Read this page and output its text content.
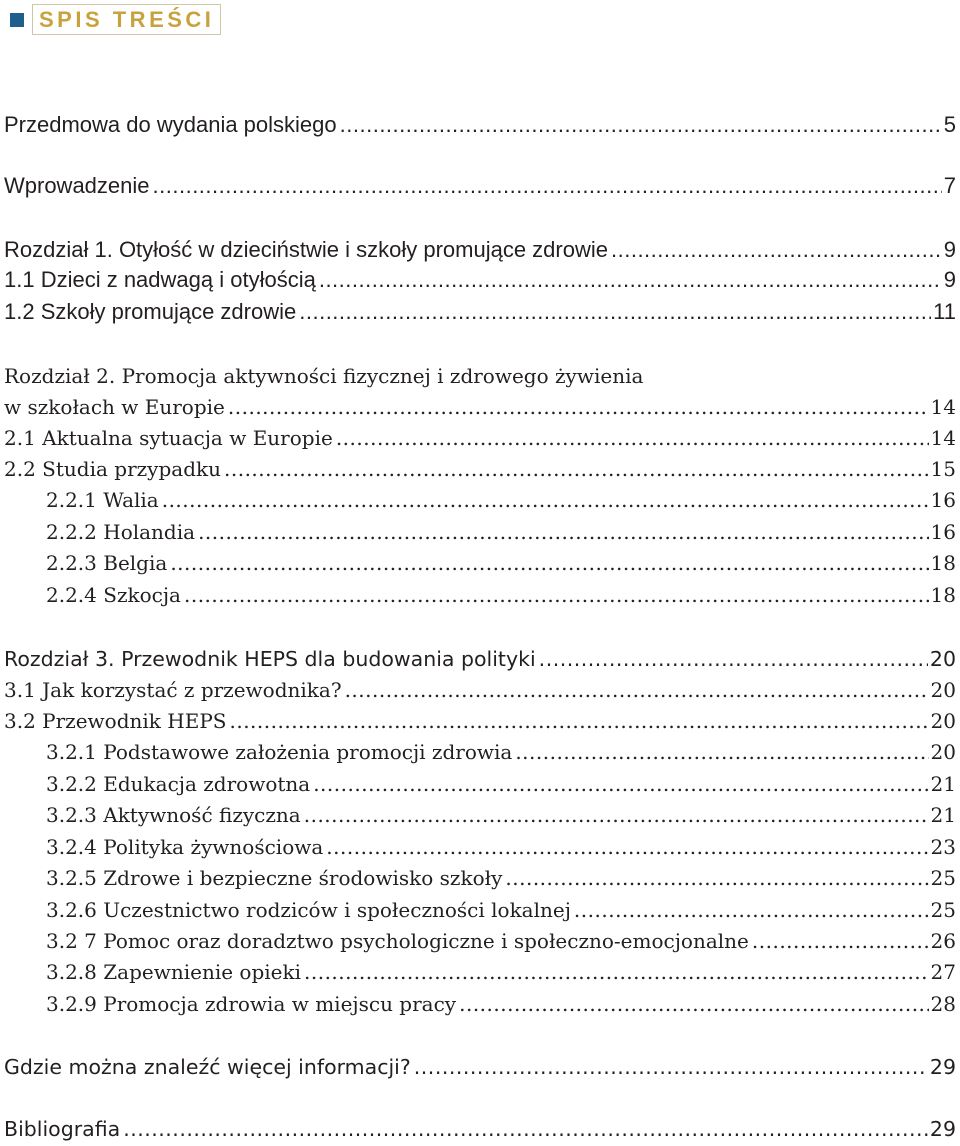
SPIS TREŚCI
Przedmowa do wydania polskiego .....	5
Wprowadzenie .....	7
Rozdział 1. Otyłość w dzieciństwie i szkoły promujące zdrowie .....	9
1.1 Dzieci z nadwagą i otyłością .....	9
1.2 Szkoły promujące zdrowie .....	11
Rozdział 2. Promocja aktywności fizycznej i zdrowego żywienia
w szkołach w Europie .....	14
2.1 Aktualna sytuacja w Europie .....	14
2.2 Studia przypadku .....	15
2.2.1 Walia .....	16
2.2.2 Holandia .....	16
2.2.3 Belgia .....	18
2.2.4 Szkocja .....	18
Rozdział 3. Przewodnik HEPS dla budowania polityki .....	20
3.1 Jak korzystać z przewodnika? .....	20
3.2 Przewodnik HEPS .....	20
3.2.1 Podstawowe założenia promocji zdrowia .....	20
3.2.2 Edukacja zdrowotna .....	21
3.2.3 Aktywność fizyczna .....	21
3.2.4 Polityka żywnościowa .....	23
3.2.5 Zdrowe i bezpieczne środowisko szkoły .....	25
3.2.6 Uczestnictwo rodziców i społeczności lokalnej .....	25
3.2 7 Pomoc oraz doradztwo psychologiczne i społeczno-emocjonalne .....	26
3.2.8 Zapewnienie opieki .....	27
3.2.9 Promocja zdrowia w miejscu pracy .....	28
Gdzie można znaleźć więcej informacji? .....	29
Bibliografia .....	29
